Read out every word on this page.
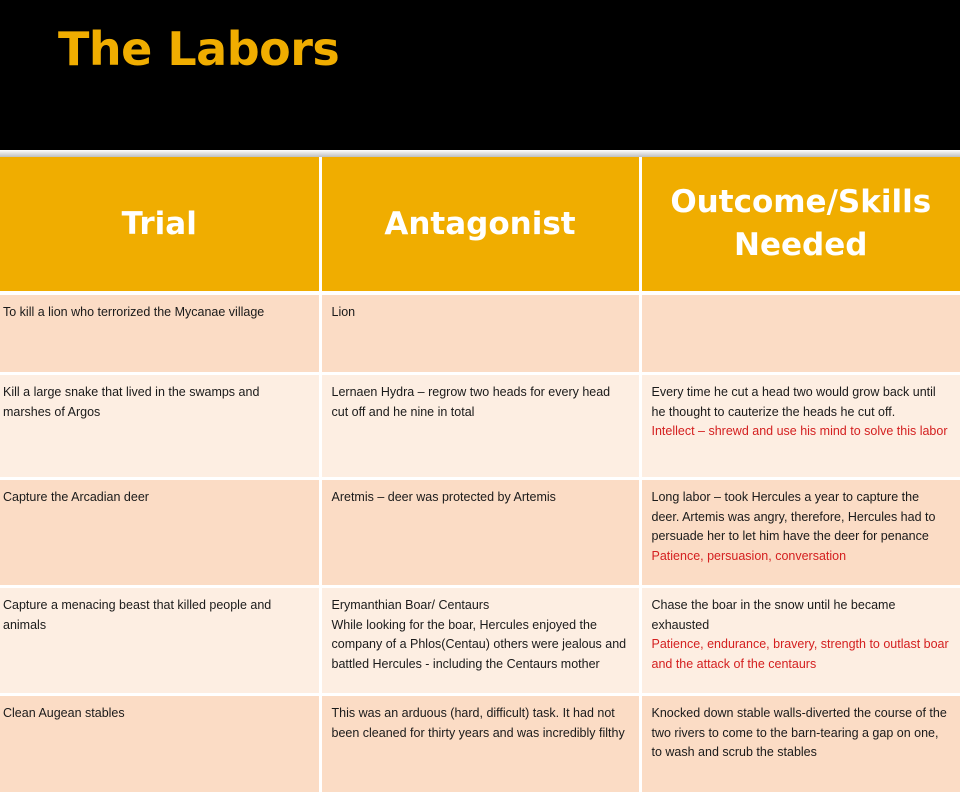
The Labors
Trial	Antagonist	Outcome/Skills Needed
To kill a lion who terrorized the Mycanae village	Lion	

Kill a large snake that lived in the swamps and marshes of Argos	Lernaen Hydra – regrow two heads for every head cut off and he nine in total	Every time he cut a head two would grow back until he thought to cauterize the heads he cut off.
Intellect – shrewd and use his mind to solve this labor

Capture the Arcadian deer	Aretmis – deer was protected by Artemis	Long labor – took Hercules a year to capture the deer. Artemis was angry, therefore, Hercules had to persuade her to let him have the deer for penance
Patience, persuasion, conversation

Capture a menacing beast that killed people and animals	Erymanthian Boar/ Centaurs
While looking for the boar, Hercules enjoyed the company of a Phlos(Centau) others were jealous and battled Hercules - including the Centaurs mother	Chase the boar in the snow until he became exhausted
Patience, endurance, bravery, strength to outlast boar and the attack of the centaurs

Clean Augean stables	This was an arduous (hard, difficult) task. It had not been cleaned for thirty years and was incredibly filthy	Knocked down stable walls-diverted the course of the two rivers to come to the barn-tearing a gap on one, to wash and scrub the stables
